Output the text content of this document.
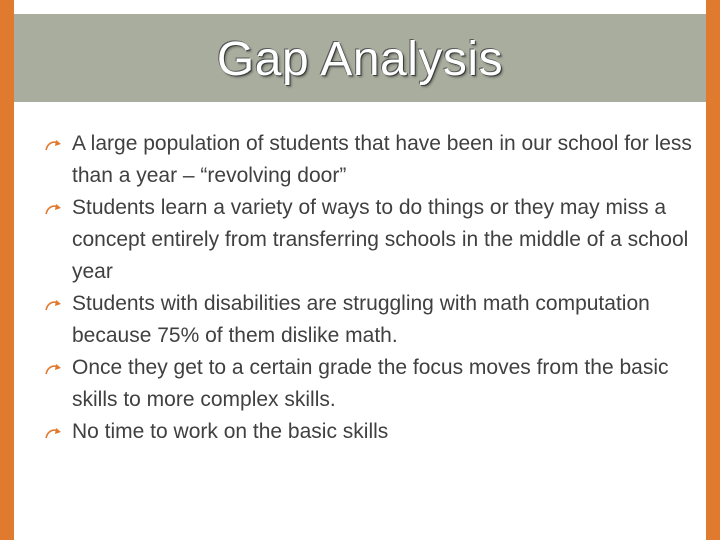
Gap Analysis
A large population of students that have been in our school for less than a year – “revolving door”
Students learn a variety of ways to do things or they may miss a concept entirely from transferring schools in the middle of a school year
Students with disabilities are struggling with math computation because 75% of them dislike math.
Once they get to a certain grade the focus moves from the basic skills to more complex skills.
No time to work on the basic skills
